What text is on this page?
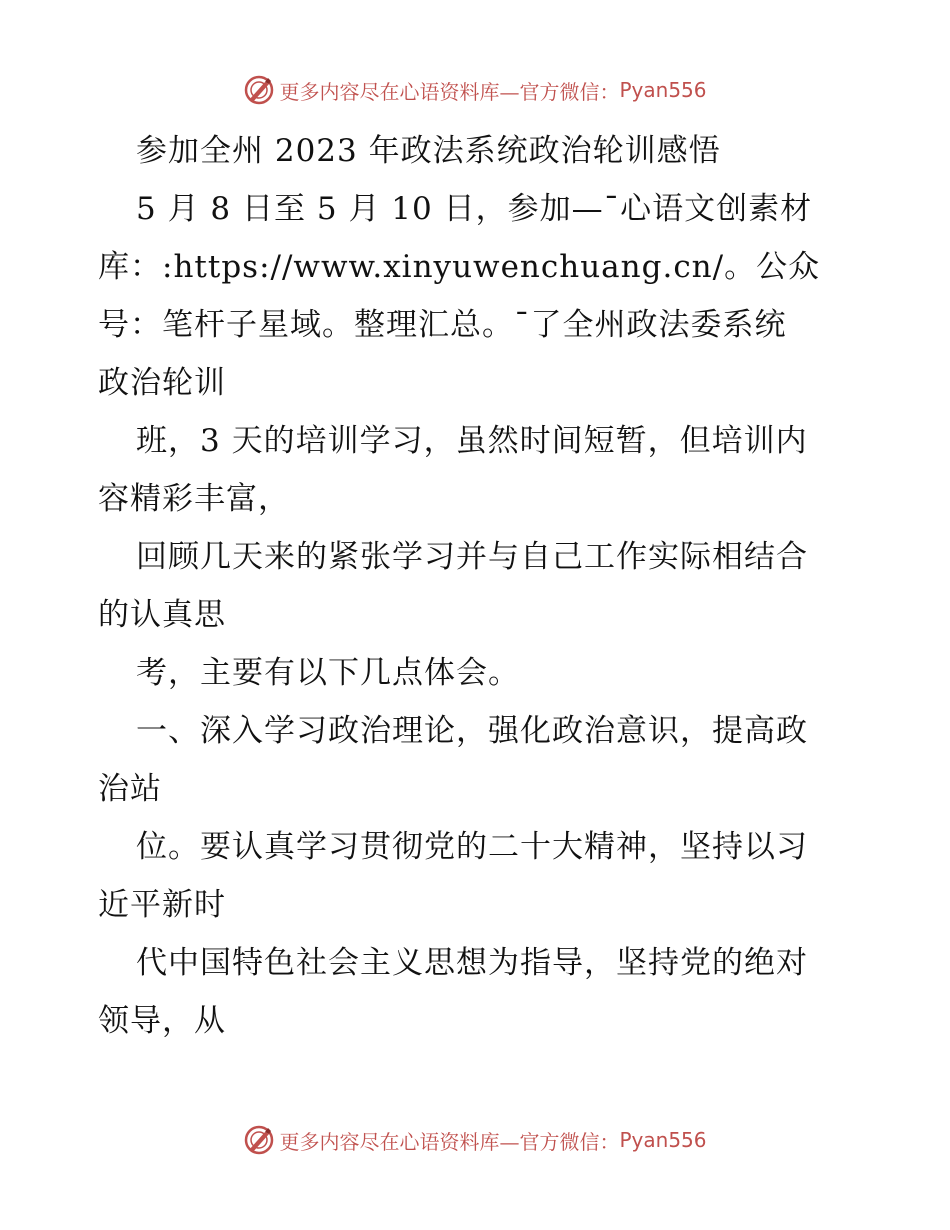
更多内容尽在心语资料库—官方微信： Pyan556
参加全州 2023 年政法系统政治轮训感悟
5 月 8 日至 5 月 10 日，参加—¯心语文创素材
库：:https://www.xinyuwenchuang.cn/。公众
号：笔杆子星域。整理汇总。¯了全州政法委系统
政治轮训
班，3 天的培训学习，虽然时间短暂，但培训内
容精彩丰富，
回顾几天来的紧张学习并与自己工作实际相结合
的认真思
考，主要有以下几点体会。
一、深入学习政治理论，强化政治意识，提高政
治站
位。要认真学习贯彻党的二十大精神，坚持以习
近平新时
代中国特色社会主义思想为指导，坚持党的绝对
领导，从
更多内容尽在心语资料库—官方微信： Pyan556
